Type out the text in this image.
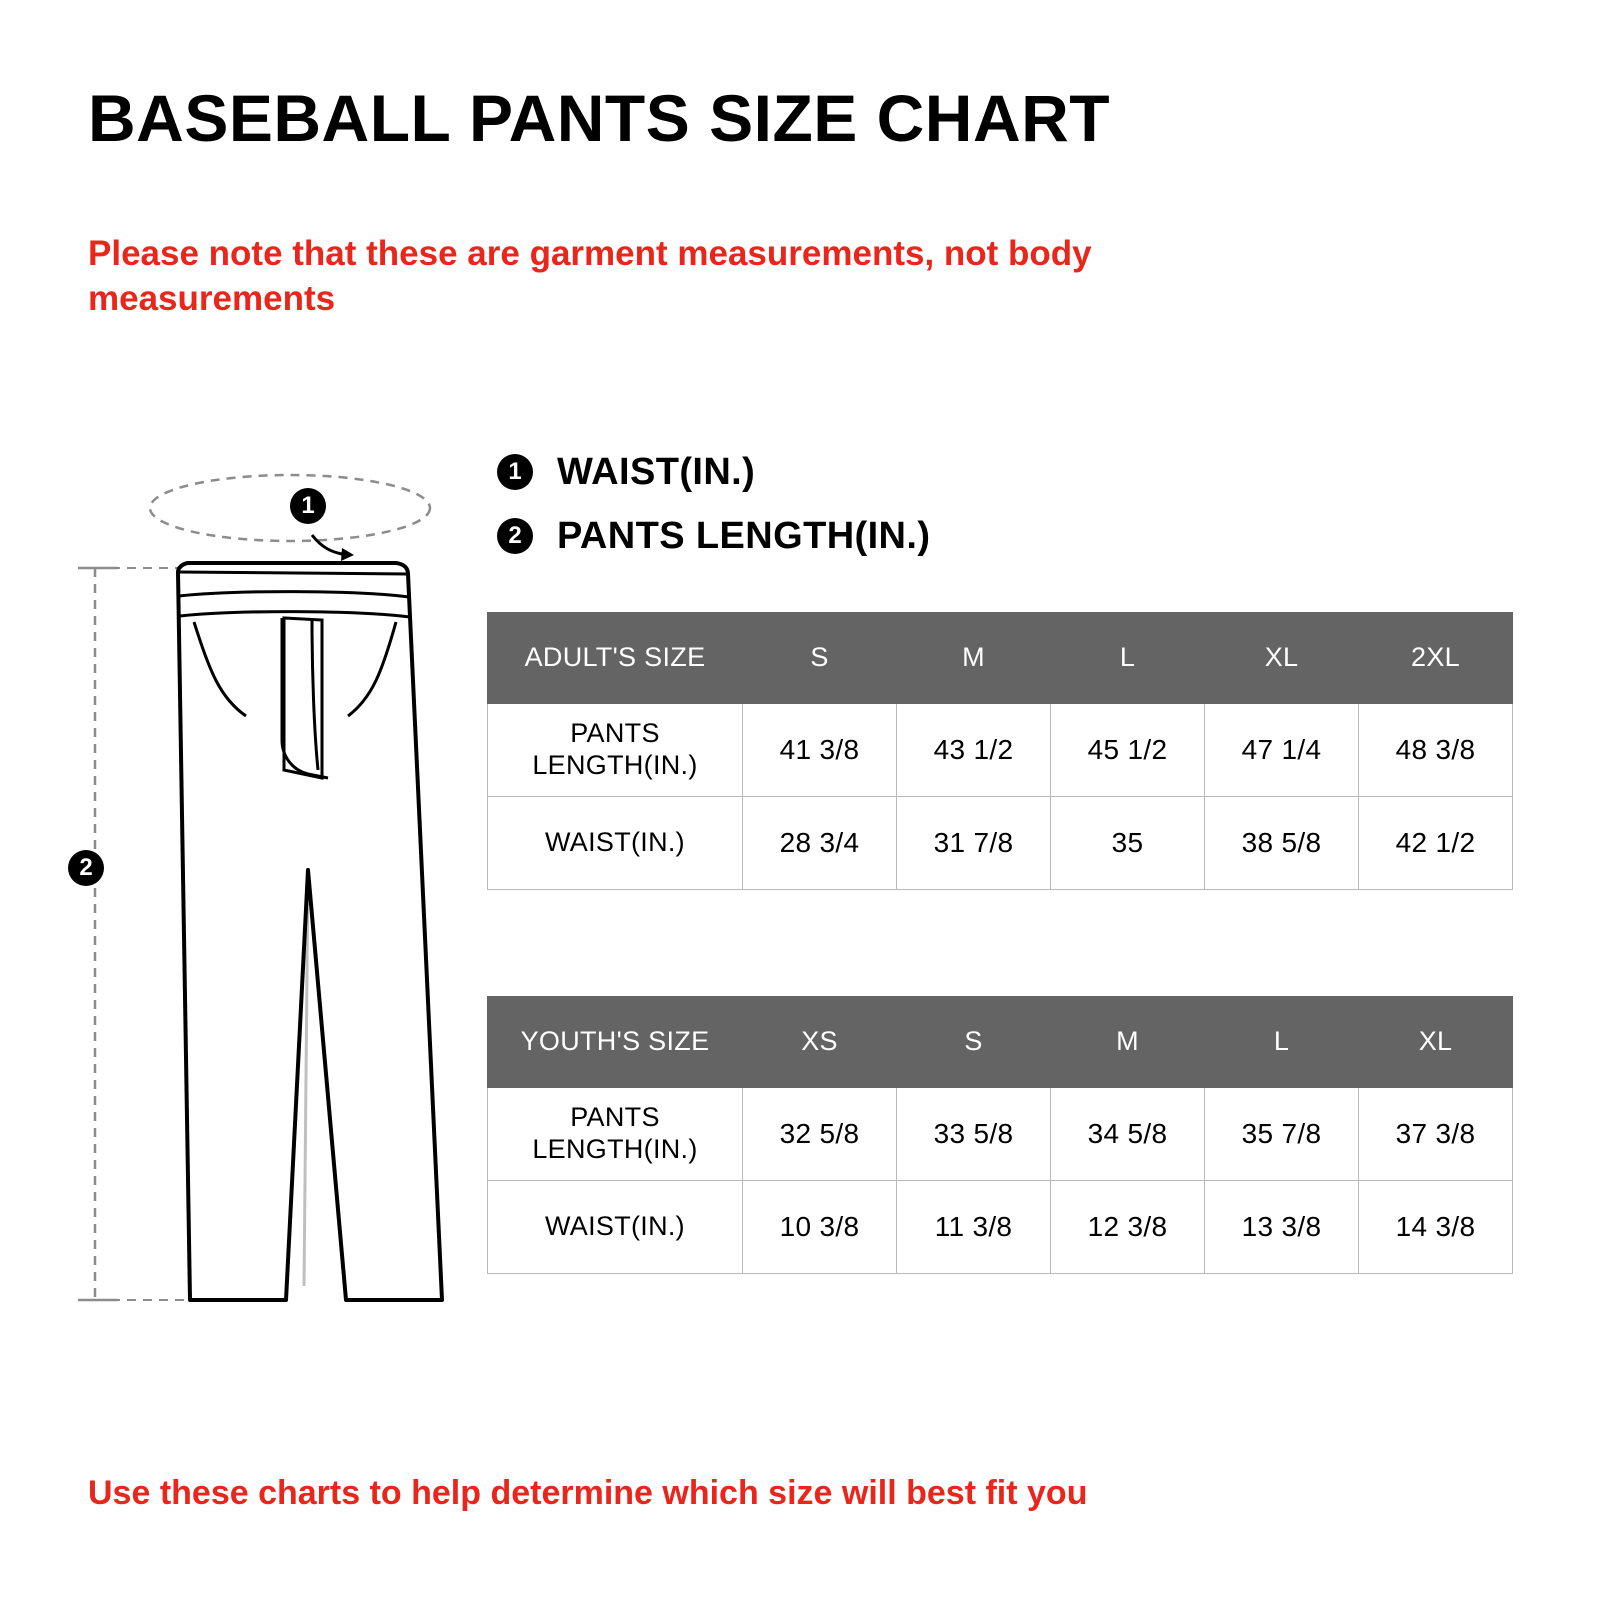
BASEBALL PANTS SIZE CHART
Please note that these are garment measurements, not body measurements
1 WAIST(IN.)
2 PANTS LENGTH(IN.)
1
2
ADULT'S SIZE	S	M	L	XL	2XL
PANTS LENGTH(IN.)	41 3/8	43 1/2	45 1/2	47 1/4	48 3/8
WAIST(IN.)	28 3/4	31 7/8	35	38 5/8	42 1/2
YOUTH'S SIZE	XS	S	M	L	XL
PANTS LENGTH(IN.)	32 5/8	33 5/8	34 5/8	35 7/8	37 3/8
WAIST(IN.)	10 3/8	11 3/8	12 3/8	13 3/8	14 3/8
Use these charts to help determine which size will best fit you
